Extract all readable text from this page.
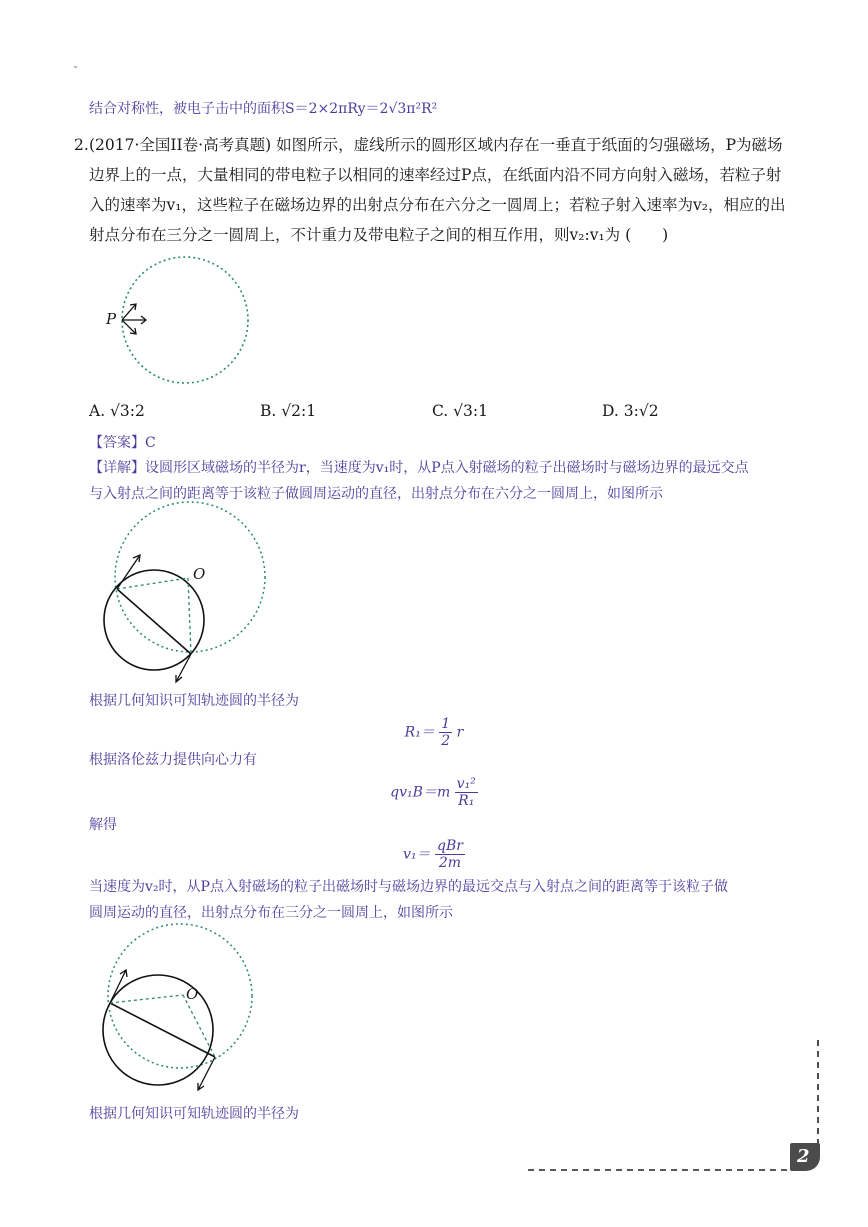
结合对称性，被电子击中的面积S＝2×2πRy＝2√3π²R²
2. (2017·全国II卷·高考真题) 如图所示，虚线所示的圆形区域内存在一垂直于纸面的匀强磁场，P为磁场
边界上的一点，大量相同的带电粒子以相同的速率经过P点，在纸面内沿不同方向射入磁场，若粒子射
入的速率为v₁，这些粒子在磁场边界的出射点分布在六分之一圆周上；若粒子射入速率为v₂，相应的出
射点分布在三分之一圆周上，不计重力及带电粒子之间的相互作用，则v₂:v₁为 (　　)
P
A. √3:2	B. √2:1	C. √3:1	D. 3:√2
【答案】C
【详解】设圆形区域磁场的半径为r，当速度为v₁时，从P点入射磁场的粒子出磁场时与磁场边界的最远交点
与入射点之间的距离等于该粒子做圆周运动的直径，出射点分布在六分之一圆周上，如图所示
O
根据几何知识可知轨迹圆的半径为
$R_1= \frac{1}{2}$ r
根据洛伦兹力提供向心力有
$qv_1B=m \frac{\text{v₁²}}{\text{R₁}}$
解得
$v_1= \frac{\text{qBr}}{2m}$
当速度为v₂时，从P点入射磁场的粒子出磁场时与磁场边界的最远交点与入射点之间的距离等于该粒子做
圆周运动的直径，出射点分布在三分之一圆周上，如图所示
O
根据几何知识可知轨迹圆的半径为
2
